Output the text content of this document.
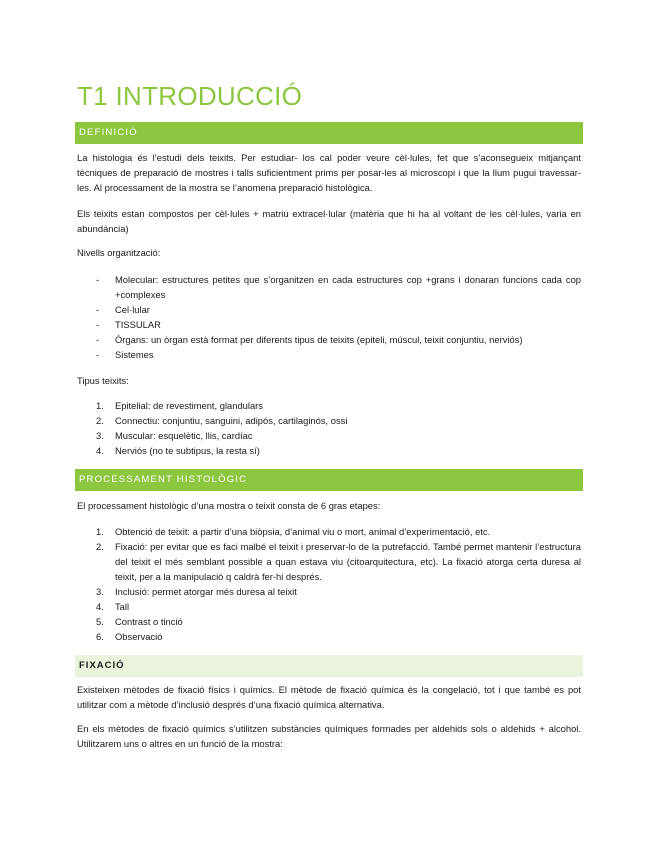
T1 INTRODUCCIÓ
DEFINICIÓ

La histologia és l’estudi dels teixits. Per estudiar- los cal poder veure cèl·lules, fet que s’aconsegueix mitjançant tècniques de preparació de mostres i talls suficientment prims per posar-les al microscopi i que la llum pugui travessar-les. Al processament de la mostra se l’anomena preparació histològica.

Els teixits estan compostos per cèl·lules + matriu extracel·lular (matèria que hi ha al voltant de les cèl·lules, varia en abundància)

Nivells organització:

- Molecular: estructures petites que s’organitzen en cada estructures cop +grans i donaran funcions cada cop +complexes

- Cel·lular

- TISSULAR

- Òrgans: un òrgan està format per diferents tipus de teixits (epiteli, múscul, teixit conjuntiu, nerviós)

- Sistemes

Tipus teixits:

1. Epitelial: de revestiment, glandulars

2. Connectiu: conjuntiu, sanguini, adipós, cartilaginós, ossi

3. Muscular: esquelètic, llis, cardíac

4. Nerviós (no te subtipus, la resta sí)

PROCESSAMENT HISTOLÒGIC

El processament histològic d’una mostra o teixit consta de 6 gras etapes:

1. Obtenció de teixit: a partir d’una biòpsia, d’animal viu o mort, animal d’experimentació, etc.

2. Fixació: per evitar que es faci malbé el teixit i preservar-lo de la putrefacció. També permet mantenir l’estructura del teixit el més semblant possible a quan estava viu (citoarquitectura, etc). La fixació atorga certa duresa al teixit, per a la manipulació q caldrà fer-hi després.

3. Inclusió: permet atorgar més duresa al teixit

4. Tall

5. Contrast o tinció

6. Observació

FIXACIÓ

Existeixen mètodes de fixació físics i químics. El mètode de fixació química és la congelació, tot i que també es pot utilitzar com a mètode d’inclusió després d’una fixació química alternativa.

En els mètodes de fixació químics s’utilitzen substàncies químiques formades per aldehids sols o aldehids + alcohol. Utilitzarem uns o altres en un funció de la mostra:
